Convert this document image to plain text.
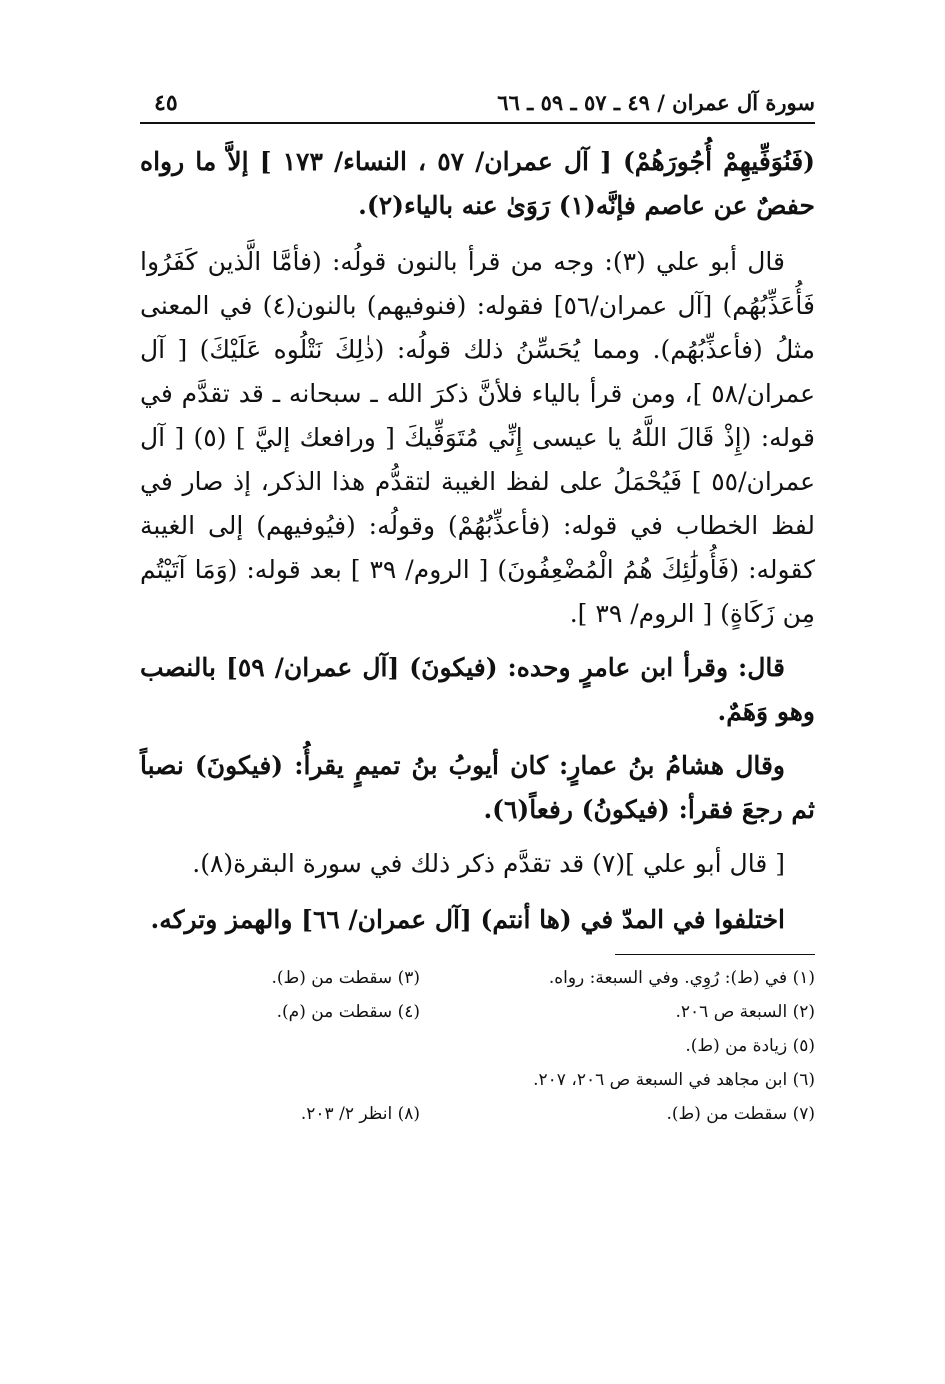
سورة آل عمران / ٤٩ ـ ٥٧ ـ ٥٩ ـ ٦٦
٤٥

(فَنُوَفِّيهِمْ أُجُورَهُمْ) [ آل عمران/ ٥٧ ، النساء/ ١٧٣ ] إلاَّ ما رواه حفصٌ عن عاصم فإنَّه(١) رَوَىٰ عنه بالياء(٢).

قال أبو علي (٣): وجه من قرأ بالنون قولُه: (فأمَّا الَّذين كَفَرُوا فَأُعَذِّبُهُم) [آل عمران/٥٦] فقوله: (فنوفيهم) بالنون(٤) في المعنى مثلُ (فأعذِّبُهُم). ومما يُحَسِّنُ ذلك قولُه: (ذٰلِكَ نَتْلُوه عَلَيْكَ) [ آل عمران/٥٨ ]، ومن قرأ بالياء فلأنَّ ذكرَ الله ـ سبحانه ـ قد تقدَّم في قوله: (إِذْ قَالَ اللَّهُ يا عيسى إِنِّي مُتَوَفِّيكَ [ ورافعك إليَّ ] (٥) [ آل عمران/٥٥ ] فَيُحْمَلُ على لفظ الغيبة لتقدُّم هذا الذكر، إذ صار في لفظ الخطاب في قوله: (فأعذِّبُهُمْ) وقولُه: (فيُوفيهم) إلى الغيبة كقوله: (فَأُولَٰئِكَ هُمُ الْمُضْعِفُونَ) [ الروم/ ٣٩ ] بعد قوله: (وَمَا آتَيْتُم مِن زَكَاةٍ) [ الروم/ ٣٩ ].

قال: وقرأ ابن عامرٍ وحده: (فيكونَ) [آل عمران/ ٥٩] بالنصب وهو وَهَمٌ.

وقال هشامُ بنُ عمارٍ: كان أيوبُ بنُ تميمٍ يقرأُ: (فيكونَ) نصباً ثم رجعَ فقرأ: (فيكونُ) رفعاً(٦).

[ قال أبو علي ](٧) قد تقدَّم ذكر ذلك في سورة البقرة(٨).

اختلفوا في المدّ في (ها أنتم) [آل عمران/ ٦٦] والهمز وتركه.

(١) في (ط): رُوِي. وفي السبعة: رواه.
(٣) سقطت من (ط).
(٢) السبعة ص ٢٠٦.
(٤) سقطت من (م).
(٥) زيادة من (ط).
(٦) ابن مجاهد في السبعة ص ٢٠٦، ٢٠٧.
(٧) سقطت من (ط).
(٨) انظر ٢/ ٢٠٣.
